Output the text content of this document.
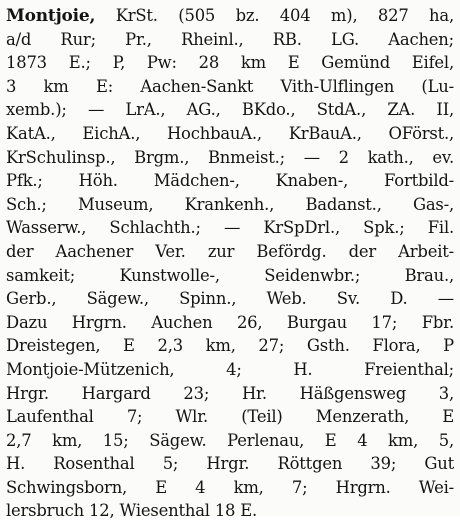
Montjoie, KrSt. (505 bz. 404 m), 827 ha,
a/d Rur; Pr., Rheinl., RB. LG. Aachen;
1873 E.; P, Pw: 28 km E Gemünd Eifel,
3 km E: Aachen-Sankt Vith-Ulflingen (Lu-
xemb.); — LrA., AG., BKdo., StdA., ZA. II,
KatA., EichA., HochbauA., KrBauA., OFörst.,
KrSchulinsp., Brgm., Bnmeist.; — 2 kath., ev.
Pfk.; Höh. Mädchen-, Knaben-, Fortbild-
Sch.; Museum, Krankenh., Badanst., Gas-,
Wasserw., Schlachth.; — KrSpDrl., Spk.; Fil.
der Aachener Ver. zur Befördg. der Arbeit-
samkeit; Kunstwolle-, Seidenwbr.; Brau.,
Gerb., Sägew., Spinn., Web. Sv. D. —
Dazu Hrgrn. Auchen 26, Burgau 17; Fbr.
Dreistegen, E 2,3 km, 27; Gsth. Flora, P
Montjoie-Mützenich, 4; H. Freienthal;
Hrgr. Hargard 23; Hr. Häßgensweg 3,
Laufenthal 7; Wlr. (Teil) Menzerath, E
2,7 km, 15; Sägew. Perlenau, E 4 km, 5,
H. Rosenthal 5; Hrgr. Röttgen 39; Gut
Schwingsborn, E 4 km, 7; Hrgrn. Wei-
lersbruch 12, Wiesenthal 18 E.
